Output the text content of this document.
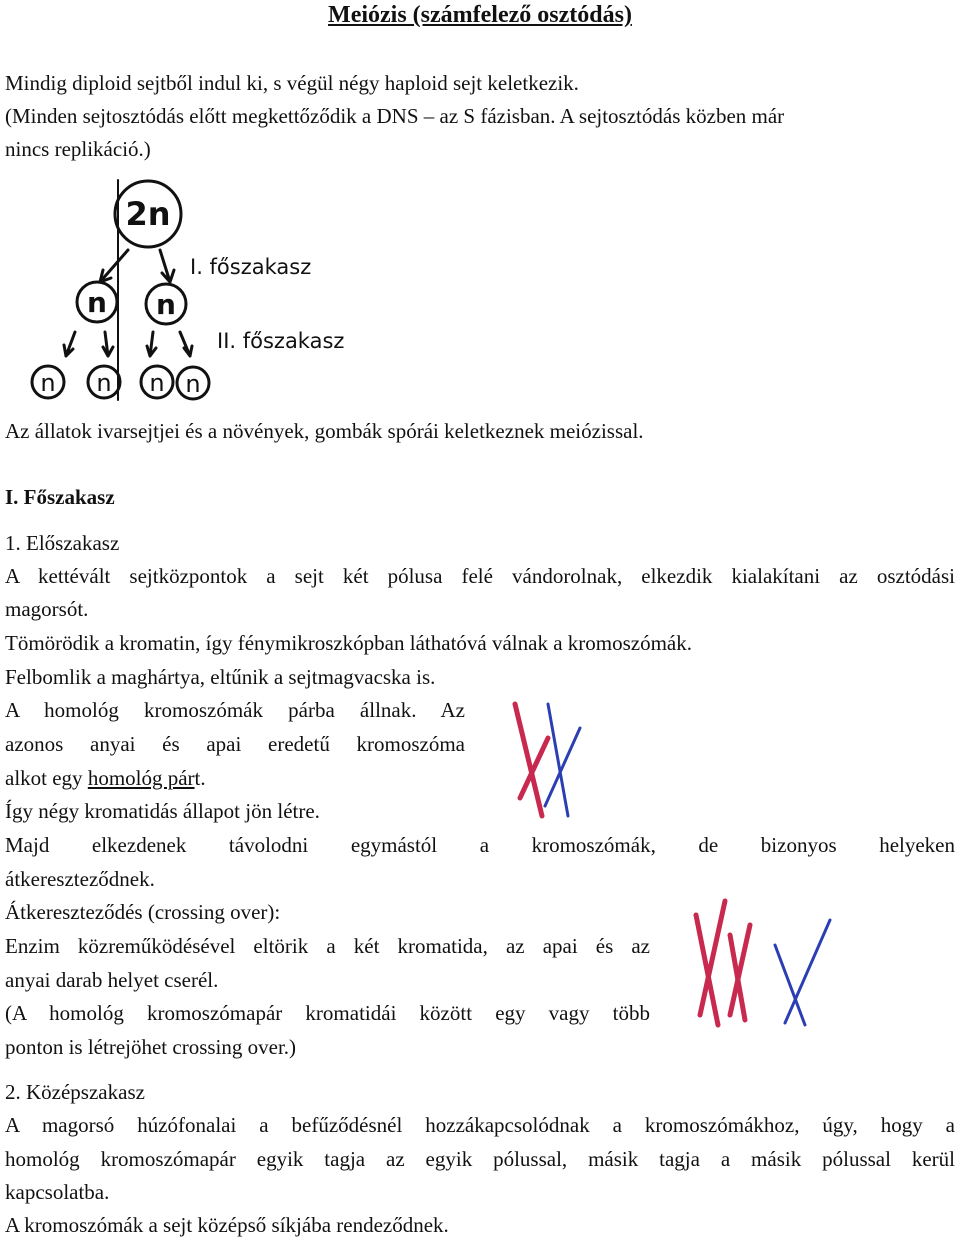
Meiózis (számfelező osztódás)
Mindig diploid sejtből indul ki, s végül négy haploid sejt keletkezik.
(Minden sejtosztódás előtt megkettőződik a DNS – az S fázisban. A sejtosztódás közben már
nincs replikáció.)
2n
n n
n n n n
I. főszakasz
II. főszakasz
Az állatok ivarsejtjei és a növények, gombák spórái keletkeznek meiózissal.
I. Főszakasz
1. Előszakasz
A kettévált sejtközpontok a sejt két pólusa felé vándorolnak, elkezdik kialakítani az osztódási
magorsót.
Tömörödik a kromatin, így fénymikroszkópban láthatóvá válnak a kromoszómák.
Felbomlik a maghártya, eltűnik a sejtmagvacska is.
A homológ kromoszómák párba állnak. Az
azonos anyai és apai eredetű kromoszóma
alkot egy homológ párt.
Így négy kromatidás állapot jön létre.
Majd elkezdenek távolodni egymástól a kromoszómák, de bizonyos helyeken
átkereszteződnek.
Átkereszteződés (crossing over):
Enzim közreműködésével eltörik a két kromatida, az apai és az
anyai darab helyet cserél.
(A homológ kromoszómapár kromatidái között egy vagy több
ponton is létrejöhet crossing over.)
2. Középszakasz
A magorsó húzófonalai a befűződésnél hozzákapcsolódnak a kromoszómákhoz, úgy, hogy a
homológ kromoszómapár egyik tagja az egyik pólussal, másik tagja a másik pólussal kerül
kapcsolatba.
A kromoszómák a sejt középső síkjába rendeződnek.
